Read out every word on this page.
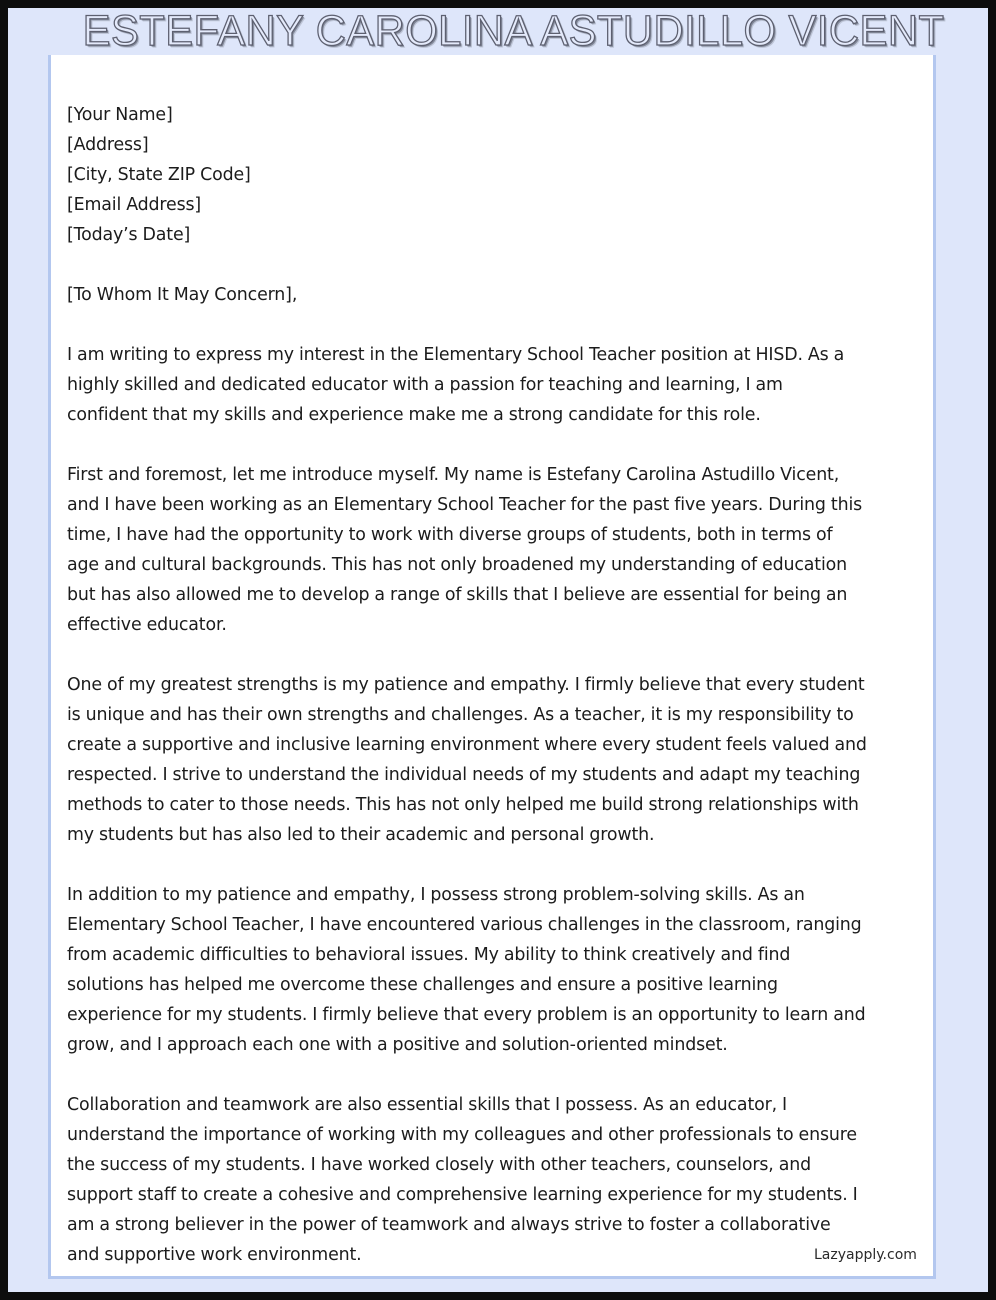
ESTEFANY CAROLINA ASTUDILLO VICENT
[Your Name]
[Address]
[City, State ZIP Code]
[Email Address]
[Today’s Date]
[To Whom It May Concern],

I am writing to express my interest in the Elementary School Teacher position at HISD. As a highly skilled and dedicated educator with a passion for teaching and learning, I am confident that my skills and experience make me a strong candidate for this role.

First and foremost, let me introduce myself. My name is Estefany Carolina Astudillo Vicent, and I have been working as an Elementary School Teacher for the past five years. During this time, I have had the opportunity to work with diverse groups of students, both in terms of age and cultural backgrounds. This has not only broadened my understanding of education but has also allowed me to develop a range of skills that I believe are essential for being an effective educator.

One of my greatest strengths is my patience and empathy. I firmly believe that every student is unique and has their own strengths and challenges. As a teacher, it is my responsibility to create a supportive and inclusive learning environment where every student feels valued and respected. I strive to understand the individual needs of my students and adapt my teaching methods to cater to those needs. This has not only helped me build strong relationships with my students but has also led to their academic and personal growth.

In addition to my patience and empathy, I possess strong problem-solving skills. As an Elementary School Teacher, I have encountered various challenges in the classroom, ranging from academic difficulties to behavioral issues. My ability to think creatively and find solutions has helped me overcome these challenges and ensure a positive learning experience for my students. I firmly believe that every problem is an opportunity to learn and grow, and I approach each one with a positive and solution-oriented mindset.

Collaboration and teamwork are also essential skills that I possess. As an educator, I understand the importance of working with my colleagues and other professionals to ensure the success of my students. I have worked closely with other teachers, counselors, and support staff to create a cohesive and comprehensive learning experience for my students. I am a strong believer in the power of teamwork and always strive to foster a collaborative and supportive work environment.	Lazyapply.com
